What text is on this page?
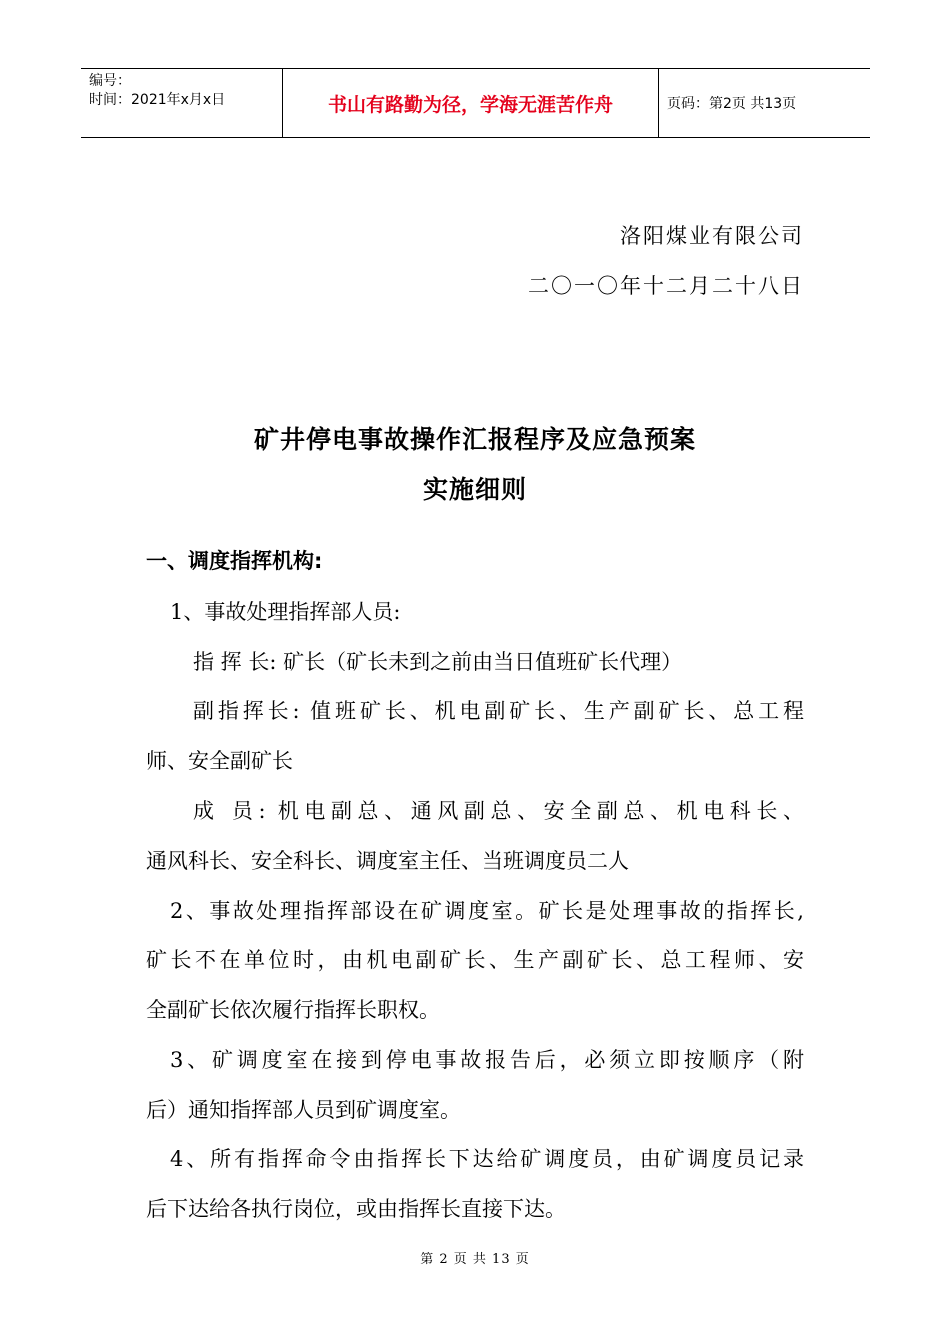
编号：
时间：2021年x月x日	书山有路勤为径，学海无涯苦作舟	页码：第2页 共13页
洛阳煤业有限公司
二〇一〇年十二月二十八日
矿井停电事故操作汇报程序及应急预案
实施细则
一、调度指挥机构:
1、事故处理指挥部人员:
指 挥 长: 矿长（矿长未到之前由当日值班矿长代理）
副指挥长: 值班矿长、机电副矿长、生产副矿长、总工程
师、安全副矿长
成 员: 机电副总、通风副总、安全副总、机电科长、
通风科长、安全科长、调度室主任、当班调度员二人
2、事故处理指挥部设在矿调度室。矿长是处理事故的指挥长,
矿长不在单位时，由机电副矿长、生产副矿长、总工程师、安
全副矿长依次履行指挥长职权。
3、矿调度室在接到停电事故报告后，必须立即按顺序（附
后）通知指挥部人员到矿调度室。
4、所有指挥命令由指挥长下达给矿调度员，由矿调度员记录
后下达给各执行岗位，或由指挥长直接下达。
第 2 页 共 13 页
